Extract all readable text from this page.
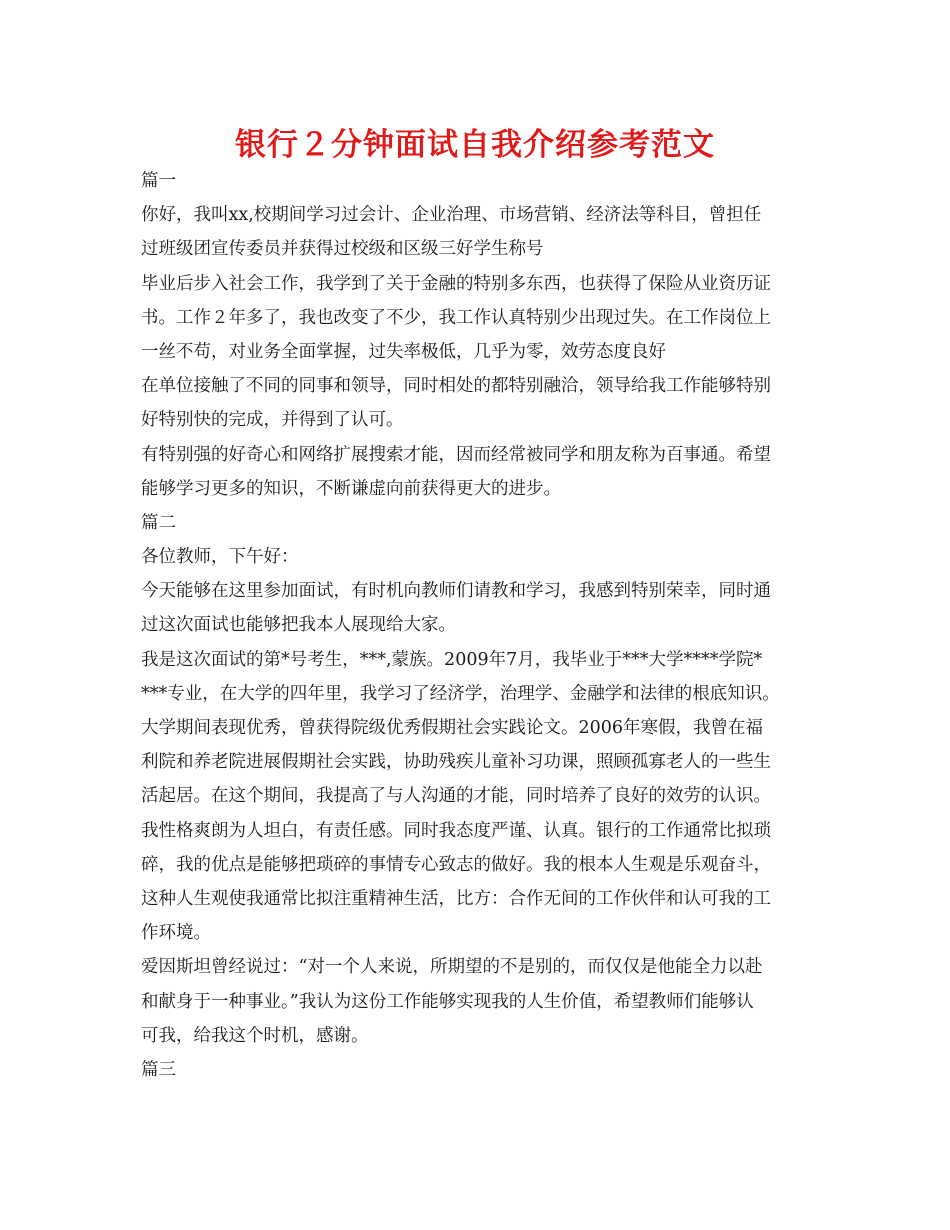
银行２分钟面试自我介绍参考范文
篇一
你好，我叫xx,校期间学习过会计、企业治理、市场营销、经济法等科目，曾担任
过班级团宣传委员并获得过校级和区级三好学生称号
毕业后步入社会工作，我学到了关于金融的特别多东西，也获得了保险从业资历证
书。工作２年多了，我也改变了不少，我工作认真特别少出现过失。在工作岗位上
一丝不苟，对业务全面掌握，过失率极低，几乎为零，效劳态度良好
在单位接触了不同的同事和领导，同时相处的都特别融洽，领导给我工作能够特别
好特别快的完成，并得到了认可。
有特别强的好奇心和网络扩展搜索才能，因而经常被同学和朋友称为百事通。希望
能够学习更多的知识，不断谦虚向前获得更大的进步。
篇二
各位教师，下午好：
今天能够在这里参加面试，有时机向教师们请教和学习，我感到特别荣幸，同时通
过这次面试也能够把我本人展现给大家。
我是这次面试的第*号考生，***,蒙族。2009年7月，我毕业于***大学****学院*
***专业，在大学的四年里，我学习了经济学，治理学、金融学和法律的根底知识。
大学期间表现优秀，曾获得院级优秀假期社会实践论文。2006年寒假，我曾在福
利院和养老院进展假期社会实践，协助残疾儿童补习功课，照顾孤寡老人的一些生
活起居。在这个期间，我提高了与人沟通的才能，同时培养了良好的效劳的认识。
我性格爽朗为人坦白，有责任感。同时我态度严谨、认真。银行的工作通常比拟琐
碎，我的优点是能够把琐碎的事情专心致志的做好。我的根本人生观是乐观奋斗，
这种人生观使我通常比拟注重精神生活，比方：合作无间的工作伙伴和认可我的工
作环境。
爱因斯坦曾经说过：“对一个人来说，所期望的不是别的，而仅仅是他能全力以赴
和献身于一种事业。”我认为这份工作能够实现我的人生价值，希望教师们能够认
可我，给我这个时机，感谢。
篇三
